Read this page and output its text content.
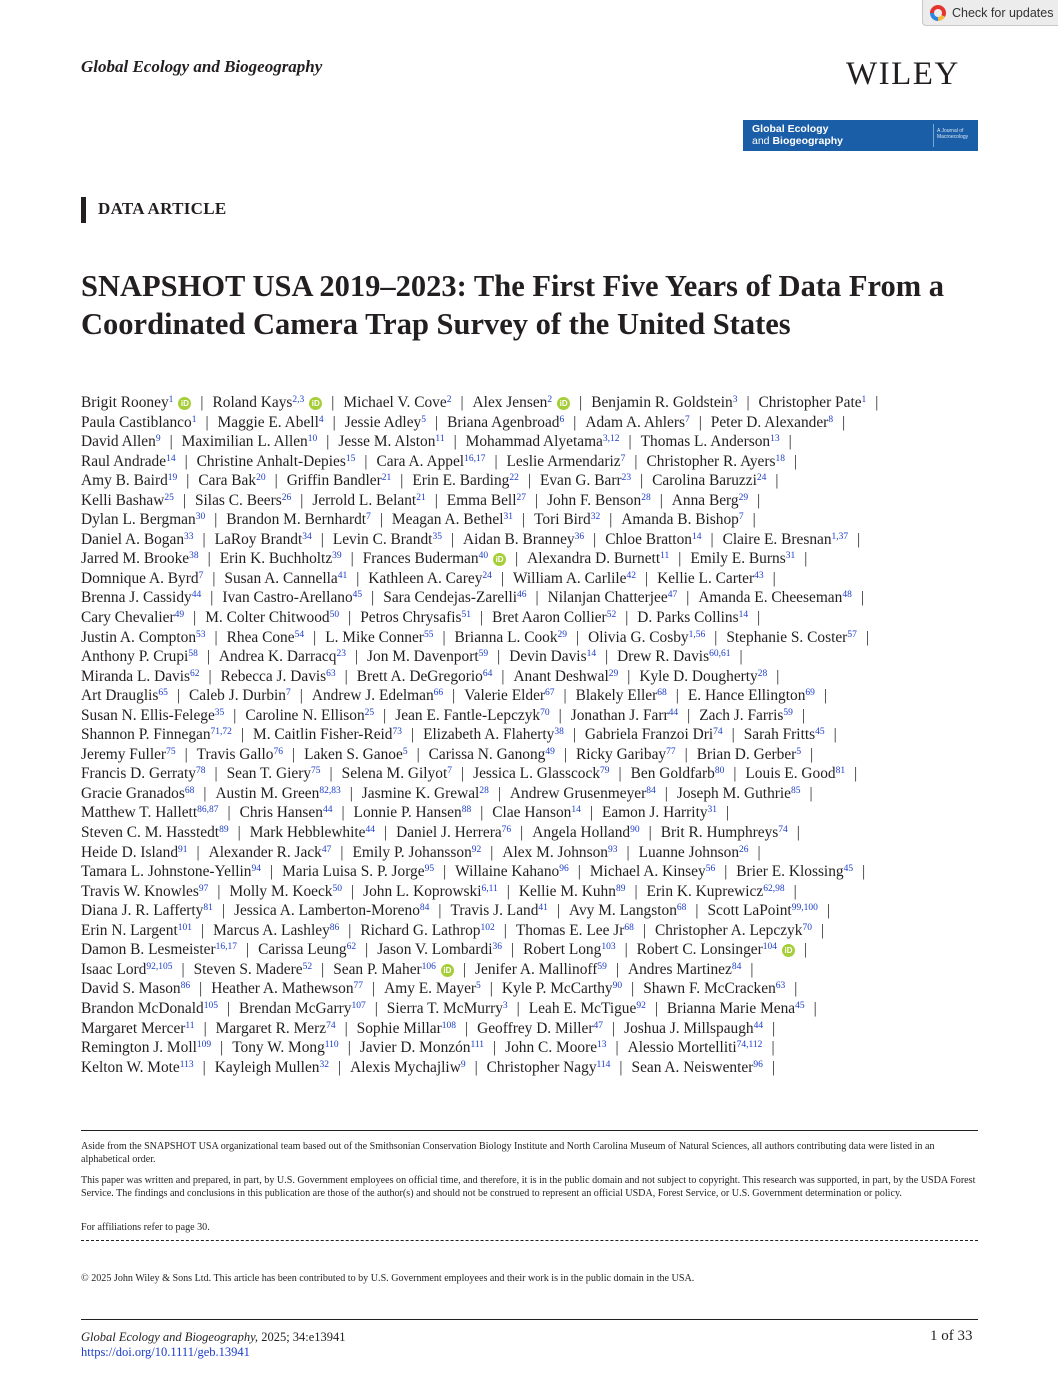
Check for updates
Global Ecology and Biogeography	WILEY
Global Ecology
and Biogeography
A Journal of Macroecology
DATA ARTICLE
SNAPSHOT USA 2019–2023: The First Five Years of Data From a Coordinated Camera Trap Survey of the United States
Brigit Rooney$^1$ iD | Roland Kays$^{2,3}$ iD | Michael V. Cove$^2$ | Alex Jensen$^2$ iD | Benjamin R. Goldstein$^3$ | Christopher Pate$^1$ |
Paula Castiblanco$^1$ | Maggie E. Abell$^4$ | Jessie Adley$^5$ | Briana Agenbroad$^6$ | Adam A. Ahlers$^7$ | Peter D. Alexander$^8$ |
David Allen$^9$ | Maximilian L. Allen$^{10}$ | Jesse M. Alston$^{11}$ | Mohammad Alyetama$^{3,12}$ | Thomas L. Anderson$^{13}$ |
Raul Andrade$^{14}$ | Christine Anhalt-Depies$^{15}$ | Cara A. Appel$^{16,17}$ | Leslie Armendariz$^7$ | Christopher R. Ayers$^{18}$ |
Amy B. Baird$^{19}$ | Cara Bak$^{20}$ | Griffin Bandler$^{21}$ | Erin E. Barding$^{22}$ | Evan G. Barr$^{23}$ | Carolina Baruzzi$^{24}$ |
Kelli Bashaw$^{25}$ | Silas C. Beers$^{26}$ | Jerrold L. Belant$^{21}$ | Emma Bell$^{27}$ | John F. Benson$^{28}$ | Anna Berg$^{29}$ |
Dylan L. Bergman$^{30}$ | Brandon M. Bernhardt$^7$ | Meagan A. Bethel$^{31}$ | Tori Bird$^{32}$ | Amanda B. Bishop$^7$ |
Daniel A. Bogan$^{33}$ | LaRoy Brandt$^{34}$ | Levin C. Brandt$^{35}$ | Aidan B. Branney$^{36}$ | Chloe Bratton$^{14}$ | Claire E. Bresnan$^{1,37}$ |
Jarred M. Brooke$^{38}$ | Erin K. Buchholtz$^{39}$ | Frances Buderman$^{40}$ iD | Alexandra D. Burnett$^{11}$ | Emily E. Burns$^{31}$ |
Domnique A. Byrd$^7$ | Susan A. Cannella$^{41}$ | Kathleen A. Carey$^{24}$ | William A. Carlile$^{42}$ | Kellie L. Carter$^{43}$ |
Brenna J. Cassidy$^{44}$ | Ivan Castro-Arellano$^{45}$ | Sara Cendejas-Zarelli$^{46}$ | Nilanjan Chatterjee$^{47}$ | Amanda E. Cheeseman$^{48}$ |
Cary Chevalier$^{49}$ | M. Colter Chitwood$^{50}$ | Petros Chrysafis$^{51}$ | Bret Aaron Collier$^{52}$ | D. Parks Collins$^{14}$ |
Justin A. Compton$^{53}$ | Rhea Cone$^{54}$ | L. Mike Conner$^{55}$ | Brianna L. Cook$^{29}$ | Olivia G. Cosby$^{1,56}$ | Stephanie S. Coster$^{57}$ |
Anthony P. Crupi$^{58}$ | Andrea K. Darracq$^{23}$ | Jon M. Davenport$^{59}$ | Devin Davis$^{14}$ | Drew R. Davis$^{60,61}$ |
Miranda L. Davis$^{62}$ | Rebecca J. Davis$^{63}$ | Brett A. DeGregorio$^{64}$ | Anant Deshwal$^{29}$ | Kyle D. Dougherty$^{28}$ |
Art Drauglis$^{65}$ | Caleb J. Durbin$^7$ | Andrew J. Edelman$^{66}$ | Valerie Elder$^{67}$ | Blakely Eller$^{68}$ | E. Hance Ellington$^{69}$ |
Susan N. Ellis-Felege$^{35}$ | Caroline N. Ellison$^{25}$ | Jean E. Fantle-Lepczyk$^{70}$ | Jonathan J. Farr$^{44}$ | Zach J. Farris$^{59}$ |
Shannon P. Finnegan$^{71,72}$ | M. Caitlin Fisher-Reid$^{73}$ | Elizabeth A. Flaherty$^{38}$ | Gabriela Franzoi Dri$^{74}$ | Sarah Fritts$^{45}$ |
Jeremy Fuller$^{75}$ | Travis Gallo$^{76}$ | Laken S. Ganoe$^5$ | Carissa N. Ganong$^{49}$ | Ricky Garibay$^{77}$ | Brian D. Gerber$^5$ |
Francis D. Gerraty$^{78}$ | Sean T. Giery$^{75}$ | Selena M. Gilyot$^7$ | Jessica L. Glasscock$^{79}$ | Ben Goldfarb$^{80}$ | Louis E. Good$^{81}$ |
Gracie Granados$^{68}$ | Austin M. Green$^{82,83}$ | Jasmine K. Grewal$^{28}$ | Andrew Grusenmeyer$^{84}$ | Joseph M. Guthrie$^{85}$ |
Matthew T. Hallett$^{86,87}$ | Chris Hansen$^{44}$ | Lonnie P. Hansen$^{88}$ | Clae Hanson$^{14}$ | Eamon J. Harrity$^{31}$ |
Steven C. M. Hasstedt$^{89}$ | Mark Hebblewhite$^{44}$ | Daniel J. Herrera$^{76}$ | Angela Holland$^{90}$ | Brit R. Humphreys$^{74}$ |
Heide D. Island$^{91}$ | Alexander R. Jack$^{47}$ | Emily P. Johansson$^{92}$ | Alex M. Johnson$^{93}$ | Luanne Johnson$^{26}$ |
Tamara L. Johnstone-Yellin$^{94}$ | Maria Luisa S. P. Jorge$^{95}$ | Willaine Kahano$^{96}$ | Michael A. Kinsey$^{56}$ | Brier E. Klossing$^{45}$ |
Travis W. Knowles$^{97}$ | Molly M. Koeck$^{50}$ | John L. Koprowski$^{6,11}$ | Kellie M. Kuhn$^{89}$ | Erin K. Kuprewicz$^{62,98}$ |
Diana J. R. Lafferty$^{81}$ | Jessica A. Lamberton-Moreno$^{84}$ | Travis J. Land$^{41}$ | Avy M. Langston$^{68}$ | Scott LaPoint$^{99,100}$ |
Erin N. Largent$^{101}$ | Marcus A. Lashley$^{86}$ | Richard G. Lathrop$^{102}$ | Thomas E. Lee Jr$^{68}$ | Christopher A. Lepczyk$^{70}$ |
Damon B. Lesmeister$^{16,17}$ | Carissa Leung$^{62}$ | Jason V. Lombardi$^{36}$ | Robert Long$^{103}$ | Robert C. Lonsinger$^{104}$ iD |
Isaac Lord$^{92,105}$ | Steven S. Madere$^{52}$ | Sean P. Maher$^{106}$ iD | Jenifer A. Mallinoff$^{59}$ | Andres Martinez$^{84}$ |
David S. Mason$^{86}$ | Heather A. Mathewson$^{77}$ | Amy E. Mayer$^5$ | Kyle P. McCarthy$^{90}$ | Shawn F. McCracken$^{63}$ |
Brandon McDonald$^{105}$ | Brendan McGarry$^{107}$ | Sierra T. McMurry$^3$ | Leah E. McTigue$^{92}$ | Brianna Marie Mena$^{45}$ |
Margaret Mercer$^{11}$ | Margaret R. Merz$^{74}$ | Sophie Millar$^{108}$ | Geoffrey D. Miller$^{47}$ | Joshua J. Millspaugh$^{44}$ |
Remington J. Moll$^{109}$ | Tony W. Mong$^{110}$ | Javier D. Monzón$^{111}$ | John C. Moore$^{13}$ | Alessio Mortelliti$^{74,112}$ |
Kelton W. Mote$^{113}$ | Kayleigh Mullen$^{32}$ | Alexis Mychajliw$^9$ | Christopher Nagy$^{114}$ | Sean A. Neiswenter$^{96}$ |
Aside from the SNAPSHOT USA organizational team based out of the Smithsonian Conservation Biology Institute and North Carolina Museum of Natural Sciences, all authors contributing data were listed in an alphabetical order.
This paper was written and prepared, in part, by U.S. Government employees on official time, and therefore, it is in the public domain and not subject to copyright. This research was supported, in part, by the USDA Forest Service. The findings and conclusions in this publication are those of the author(s) and should not be construed to represent an official USDA, Forest Service, or U.S. Government determination or policy.
For affiliations refer to page 30.
© 2025 John Wiley & Sons Ltd. This article has been contributed to by U.S. Government employees and their work is in the public domain in the USA.
Global Ecology and Biogeography, 2025; 34:e13941
https://doi.org/10.1111/geb.13941
1 of 33
